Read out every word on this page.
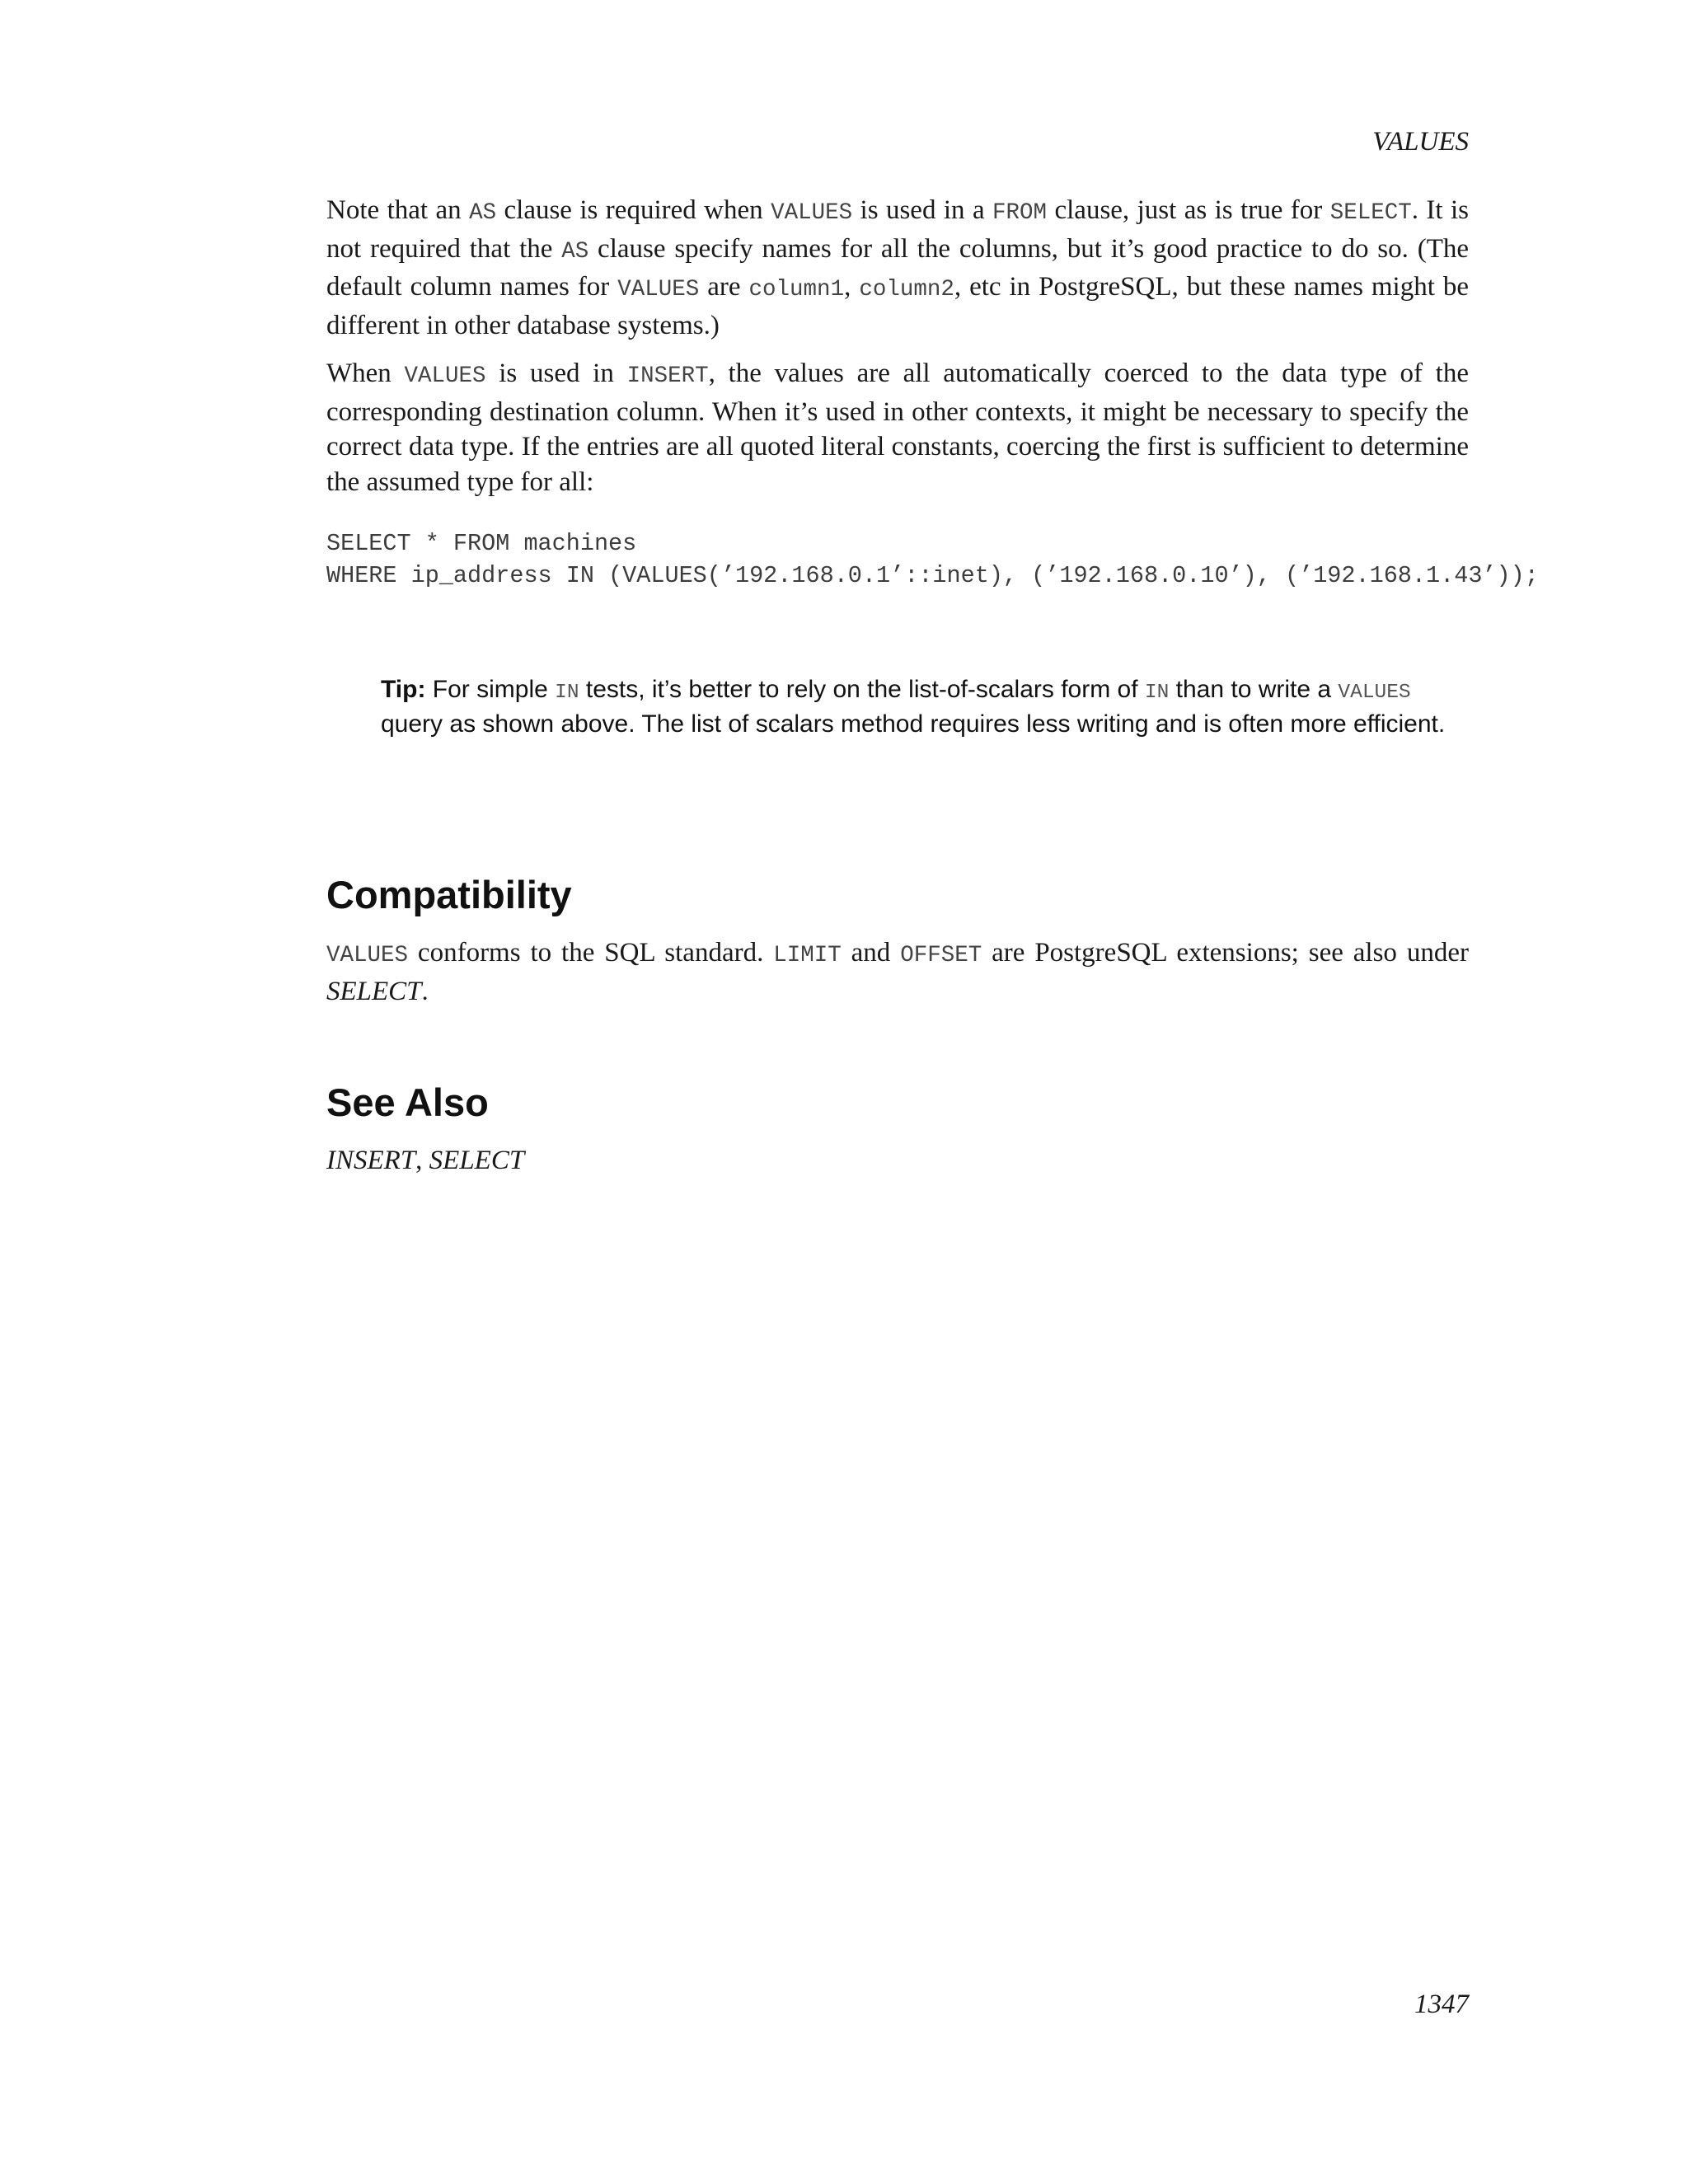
VALUES

Note that an AS clause is required when VALUES is used in a FROM clause, just as is true for SELECT. It is not required that the AS clause specify names for all the columns, but it’s good practice to do so. (The default column names for VALUES are column1, column2, etc in PostgreSQL, but these names might be different in other database systems.)

When VALUES is used in INSERT, the values are all automatically coerced to the data type of the corresponding destination column. When it’s used in other contexts, it might be necessary to specify the correct data type. If the entries are all quoted literal constants, coercing the first is sufficient to determine the assumed type for all:

SELECT * FROM machines
WHERE ip_address IN (VALUES(’192.168.0.1’::inet), (’192.168.0.10’), (’192.168.1.43’));
Tip: For simple IN tests, it’s better to rely on the list-of-scalars form of IN than to write a VALUES query as shown above. The list of scalars method requires less writing and is often more efficient.
Compatibility

VALUES conforms to the SQL standard. LIMIT and OFFSET are PostgreSQL extensions; see also under SELECT.

See Also

INSERT, SELECT

1347
